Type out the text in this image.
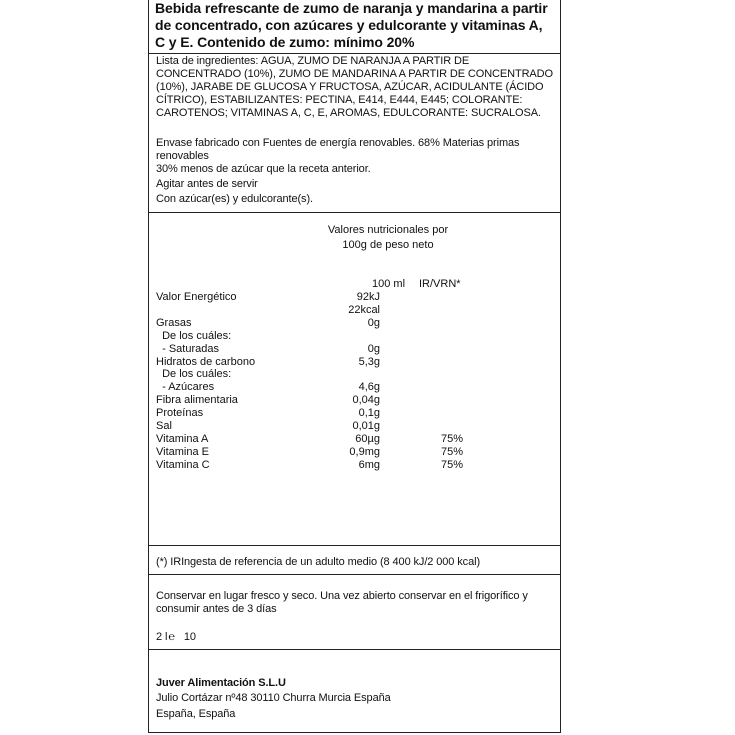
Bebida refrescante de zumo de naranja y mandarina a partir de concentrado, con azúcares y edulcorante y vitaminas A, C y E. Contenido de zumo: mínimo 20%

Lista de ingredientes: AGUA, ZUMO DE NARANJA A PARTIR DE CONCENTRADO (10%), ZUMO DE MANDARINA A PARTIR DE CONCENTRADO (10%), JARABE DE GLUCOSA Y FRUCTOSA, AZÚCAR, ACIDULANTE (ÁCIDO CÍTRICO), ESTABILIZANTES: PECTINA, E414, E444, E445; COLORANTE: CAROTENOS; VITAMINAS A, C, E, AROMAS, EDULCORANTE: SUCRALOSA.
Envase fabricado con Fuentes de energía renovables. 68% Materias primas renovables
30% menos de azúcar que la receta anterior.
Agitar antes de servir
Con azúcar(es) y edulcorante(s).
Valores nutricionales por
100g de peso neto
100 ml IR/VRN*
Valor Energético	92kJ
22kcal
Grasas	0g
De los cuáles:
- Saturadas	0g
Hidratos de carbono	5,3g
De los cuáles:
- Azúcares	4,6g
Fibra alimentaria	0,04g
Proteínas	0,1g
Sal	0,01g
Vitamina A	60µg	75%
Vitamina E	0,9mg	75%
Vitamina C	6mg	75%
(*) IRIngesta de referencia de un adulto medio (8 400 kJ/2 000 kcal)
Conservar en lugar fresco y seco. Una vez abierto conservar en el frigorífico y consumir antes de 3 días
2 l℮ 10
Juver Alimentación S.L.U
Julio Cortázar nº48 30110 Churra Murcia España
España, España
